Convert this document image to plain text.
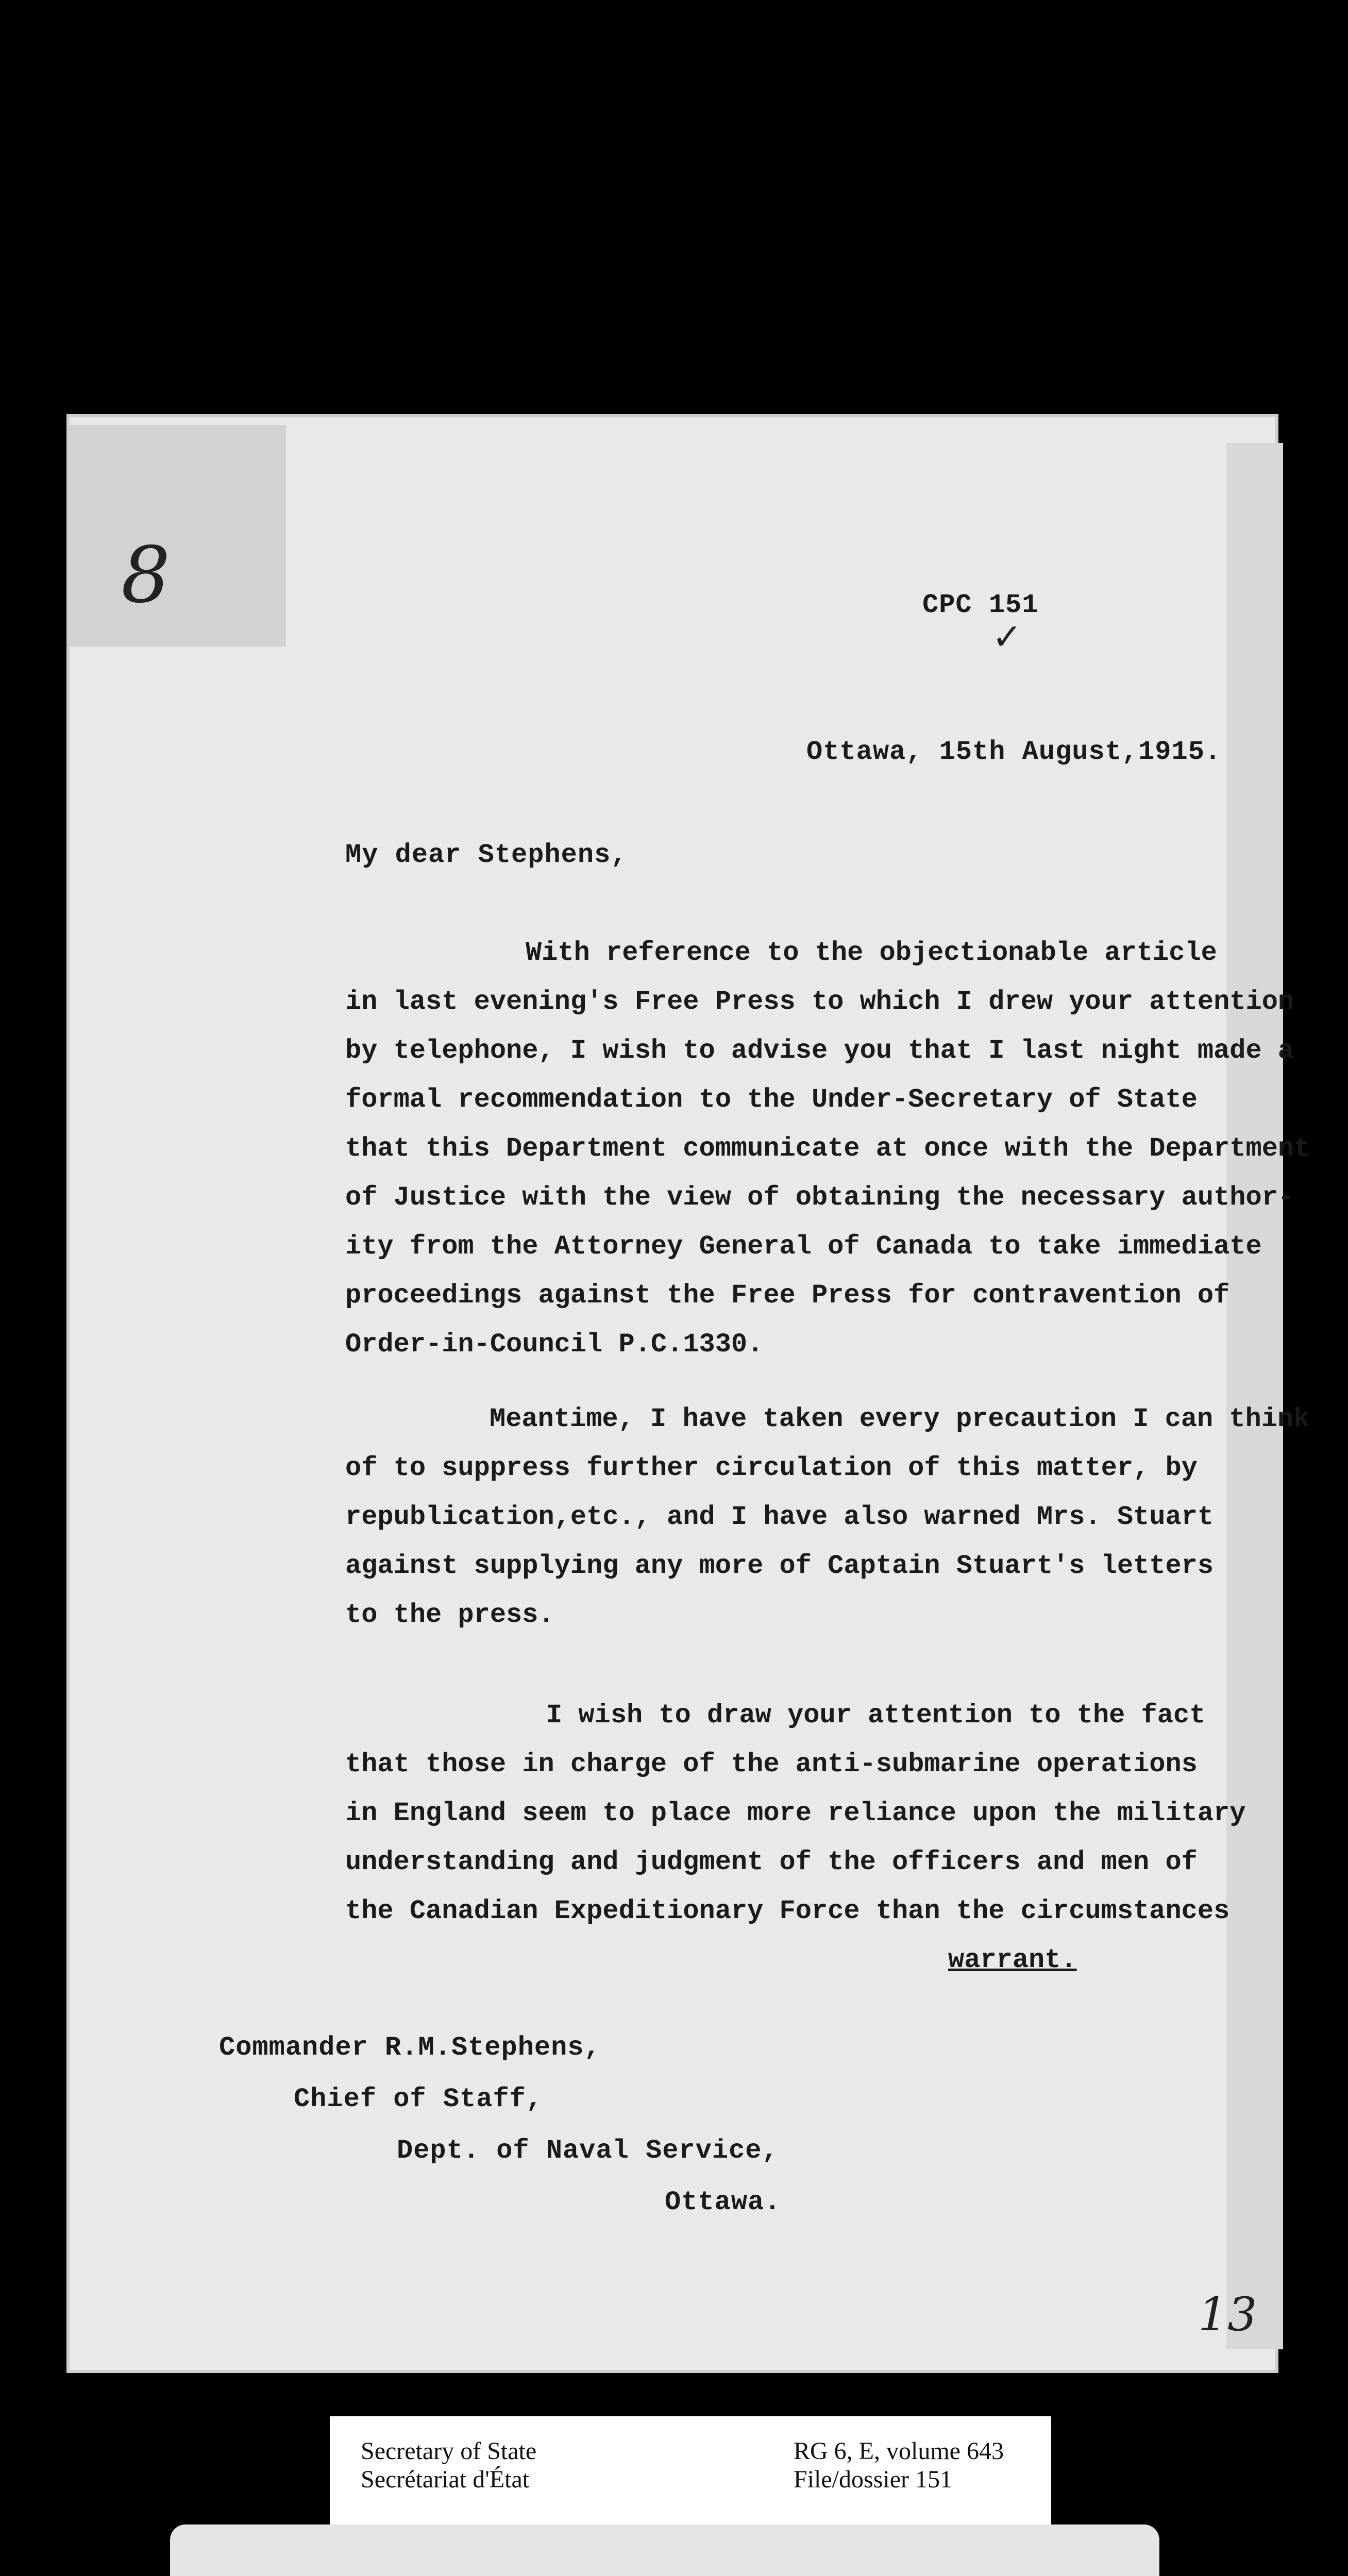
8	CPC 151
✓
Ottawa, 15th August,1915.
My dear Stephens,
With reference to the objectionable article
in last evening's Free Press to which I drew your attention
by telephone, I wish to advise you that I last night made a
formal recommendation to the Under-Secretary of State
that this Department communicate at once with the Department
of Justice with the view of obtaining the necessary author-
ity from the Attorney General of Canada to take immediate
proceedings against the Free Press for contravention of
Order-in-Council P.C.1330.
Meantime, I have taken every precaution I can think
of to suppress further circulation of this matter, by
republication,etc., and I have also warned Mrs. Stuart
against supplying any more of Captain Stuart's letters
to the press.
I wish to draw your attention to the fact
that those in charge of the anti-submarine operations
in England seem to place more reliance upon the military
understanding and judgment of the officers and men of
the Canadian Expeditionary Force than the circumstances
warrant.
Commander R.M.Stephens,
Chief of Staff,
Dept. of Naval Service,
Ottawa.
13
Secretary of State
Secrétariat d'État
RG 6, E, volume 643
File/dossier 151
